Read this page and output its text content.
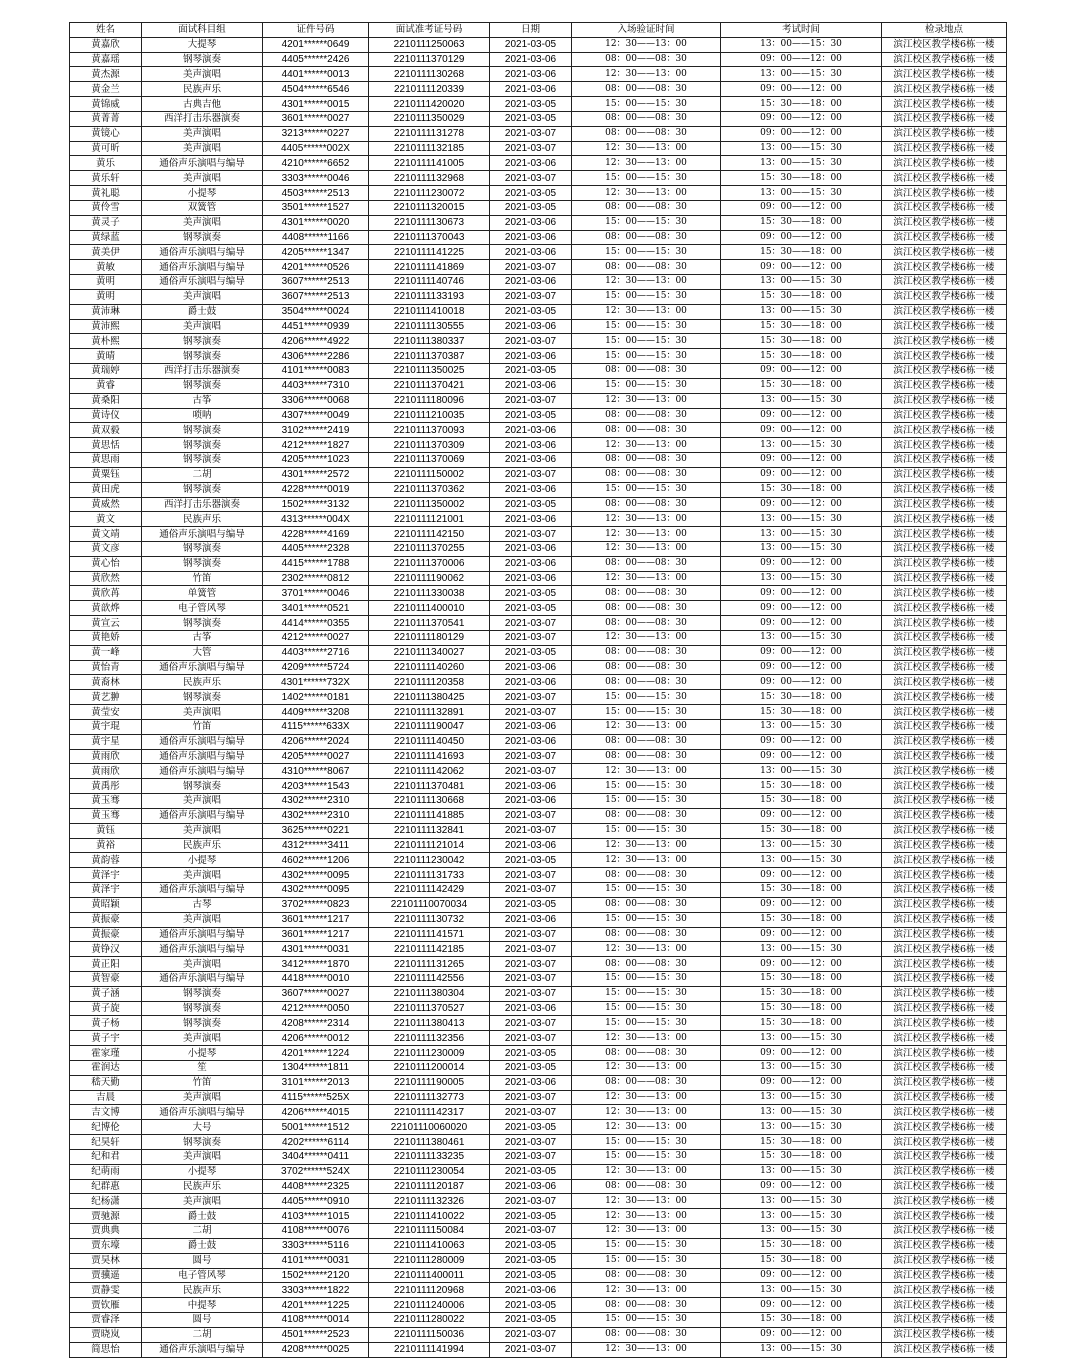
姓名	面试科目组	证件号码	面试准考证号码	日期	入场验证时间	考试时间	检录地点
黄嘉欣	大提琴	4201******0649	2210111250063	2021-03-05	12：30——13：00	13：00——15：30	滨江校区教学楼6栋一楼
黄嘉瑶	钢琴演奏	4405******2426	2210111370129	2021-03-06	08：00——08：30	09：00——12：00	滨江校区教学楼6栋一楼
黄杰源	美声演唱	4401******0013	2210111130268	2021-03-06	12：30——13：00	13：00——15：30	滨江校区教学楼6栋一楼
黄金兰	民族声乐	4504******6546	2210111120339	2021-03-06	08：00——08：30	09：00——12：00	滨江校区教学楼6栋一楼
黄锦威	古典吉他	4301******0015	2210111420020	2021-03-05	15：00——15：30	15：30——18：00	滨江校区教学楼6栋一楼
黄菁菁	西洋打击乐器演奏	3601******0027	2210111350029	2021-03-05	08：00——08：30	09：00——12：00	滨江校区教学楼6栋一楼
黄镜心	美声演唱	3213******0227	2210111131278	2021-03-07	08：00——08：30	09：00——12：00	滨江校区教学楼6栋一楼
黄可昕	美声演唱	4405******002X	2210111132185	2021-03-07	12：30——13：00	13：00——15：30	滨江校区教学楼6栋一楼
黄乐	通俗声乐演唱与编导	4210******6652	2210111141005	2021-03-06	12：30——13：00	13：00——15：30	滨江校区教学楼6栋一楼
黄乐轩	美声演唱	3303******0046	2210111132968	2021-03-07	15：00——15：30	15：30——18：00	滨江校区教学楼6栋一楼
黄礼聪	小提琴	4503******2513	2210111230072	2021-03-05	12：30——13：00	13：00——15：30	滨江校区教学楼6栋一楼
黄伶雪	双簧管	3501******1527	2210111320015	2021-03-05	08：00——08：30	09：00——12：00	滨江校区教学楼6栋一楼
黄灵子	美声演唱	4301******0020	2210111130673	2021-03-06	15：00——15：30	15：30——18：00	滨江校区教学楼6栋一楼
黄绿蓝	钢琴演奏	4408******1166	2210111370043	2021-03-06	08：00——08：30	09：00——12：00	滨江校区教学楼6栋一楼
黄美伊	通俗声乐演唱与编导	4205******1347	2210111141225	2021-03-06	15：00——15：30	15：30——18：00	滨江校区教学楼6栋一楼
黄敏	通俗声乐演唱与编导	4201******0526	2210111141869	2021-03-07	08：00——08：30	09：00——12：00	滨江校区教学楼6栋一楼
黄明	通俗声乐演唱与编导	3607******2513	2210111140746	2021-03-06	12：30——13：00	13：00——15：30	滨江校区教学楼6栋一楼
黄明	美声演唱	3607******2513	2210111133193	2021-03-07	15：00——15：30	15：30——18：00	滨江校区教学楼6栋一楼
黄沛琳	爵士鼓	3504******0024	2210111410018	2021-03-05	12：30——13：00	13：00——15：30	滨江校区教学楼6栋一楼
黄沛熙	美声演唱	4451******0939	2210111130555	2021-03-06	15：00——15：30	15：30——18：00	滨江校区教学楼6栋一楼
黄朴熙	钢琴演奏	4206******4922	2210111380337	2021-03-07	15：00——15：30	15：30——18：00	滨江校区教学楼6栋一楼
黄晴	钢琴演奏	4306******2286	2210111370387	2021-03-06	15：00——15：30	15：30——18：00	滨江校区教学楼6栋一楼
黄瑞婷	西洋打击乐器演奏	4101******0083	2210111350025	2021-03-05	08：00——08：30	09：00——12：00	滨江校区教学楼6栋一楼
黄睿	钢琴演奏	4403******7310	2210111370421	2021-03-06	15：00——15：30	15：30——18：00	滨江校区教学楼6栋一楼
黄桑阳	古筝	3306******0068	2210111180096	2021-03-07	12：30——13：00	13：00——15：30	滨江校区教学楼6栋一楼
黄诗仪	唢呐	4307******0049	2210111210035	2021-03-05	08：00——08：30	09：00——12：00	滨江校区教学楼6栋一楼
黄双毅	钢琴演奏	3102******2419	2210111370093	2021-03-06	08：00——08：30	09：00——12：00	滨江校区教学楼6栋一楼
黄思恬	钢琴演奏	4212******1827	2210111370309	2021-03-06	12：30——13：00	13：00——15：30	滨江校区教学楼6栋一楼
黄思雨	钢琴演奏	4205******1023	2210111370069	2021-03-06	08：00——08：30	09：00——12：00	滨江校区教学楼6栋一楼
黄粟钰	二胡	4301******2572	2210111150002	2021-03-07	08：00——08：30	09：00——12：00	滨江校区教学楼6栋一楼
黄田虎	钢琴演奏	4228******0019	2210111370362	2021-03-06	15：00——15：30	15：30——18：00	滨江校区教学楼6栋一楼
黄威然	西洋打击乐器演奏	1502******3132	2210111350002	2021-03-05	08：00——08：30	09：00——12：00	滨江校区教学楼6栋一楼
黄文	民族声乐	4313******004X	2210111121001	2021-03-06	12：30——13：00	13：00——15：30	滨江校区教学楼6栋一楼
黄文靖	通俗声乐演唱与编导	4228******4169	2210111142150	2021-03-07	12：30——13：00	13：00——15：30	滨江校区教学楼6栋一楼
黄文彦	钢琴演奏	4405******2328	2210111370255	2021-03-06	12：30——13：00	13：00——15：30	滨江校区教学楼6栋一楼
黄心怡	钢琴演奏	4415******1788	2210111370006	2021-03-06	08：00——08：30	09：00——12：00	滨江校区教学楼6栋一楼
黄欣然	竹笛	2302******0812	2210111190062	2021-03-06	12：30——13：00	13：00——15：30	滨江校区教学楼6栋一楼
黄欣苒	单簧管	3701******0046	2210111330038	2021-03-05	08：00——08：30	09：00——12：00	滨江校区教学楼6栋一楼
黄歆烨	电子管风琴	3401******0521	2210111400010	2021-03-05	08：00——08：30	09：00——12：00	滨江校区教学楼6栋一楼
黄宣云	钢琴演奏	4414******0355	2210111370541	2021-03-07	08：00——08：30	09：00——12：00	滨江校区教学楼6栋一楼
黄艳娇	古筝	4212******0027	2210111180129	2021-03-07	12：30——13：00	13：00——15：30	滨江校区教学楼6栋一楼
黄一峰	大管	4403******2716	2210111340027	2021-03-05	08：00——08：30	09：00——12：00	滨江校区教学楼6栋一楼
黄怡青	通俗声乐演唱与编导	4209******5724	2210111140260	2021-03-06	08：00——08：30	09：00——12：00	滨江校区教学楼6栋一楼
黄裔林	民族声乐	4301******732X	2210111120358	2021-03-06	08：00——08：30	09：00——12：00	滨江校区教学楼6栋一楼
黄艺翀	钢琴演奏	1402******0181	2210111380425	2021-03-07	15：00——15：30	15：30——18：00	滨江校区教学楼6栋一楼
黄莹安	美声演唱	4409******3208	2210111132891	2021-03-07	15：00——15：30	15：30——18：00	滨江校区教学楼6栋一楼
黄宇琨	竹笛	4115******633X	2210111190047	2021-03-06	12：30——13：00	13：00——15：30	滨江校区教学楼6栋一楼
黄宇星	通俗声乐演唱与编导	4206******2024	2210111140450	2021-03-06	08：00——08：30	09：00——12：00	滨江校区教学楼6栋一楼
黄雨欣	通俗声乐演唱与编导	4205******0027	2210111141693	2021-03-07	08：00——08：30	09：00——12：00	滨江校区教学楼6栋一楼
黄雨欣	通俗声乐演唱与编导	4310******8067	2210111142062	2021-03-07	12：30——13：00	13：00——15：30	滨江校区教学楼6栋一楼
黄禹彤	钢琴演奏	4203******1543	2210111370481	2021-03-06	15：00——15：30	15：30——18：00	滨江校区教学楼6栋一楼
黄玉骞	美声演唱	4302******2310	2210111130668	2021-03-06	15：00——15：30	15：30——18：00	滨江校区教学楼6栋一楼
黄玉骞	通俗声乐演唱与编导	4302******2310	2210111141885	2021-03-07	08：00——08：30	09：00——12：00	滨江校区教学楼6栋一楼
黄钰	美声演唱	3625******0221	2210111132841	2021-03-07	15：00——15：30	15：30——18：00	滨江校区教学楼6栋一楼
黄裕	民族声乐	4312******3411	2210111121014	2021-03-06	12：30——13：00	13：00——15：30	滨江校区教学楼6栋一楼
黄韵蓉	小提琴	4602******1206	2210111230042	2021-03-05	12：30——13：00	13：00——15：30	滨江校区教学楼6栋一楼
黄泽宇	美声演唱	4302******0095	2210111131733	2021-03-07	08：00——08：30	09：00——12：00	滨江校区教学楼6栋一楼
黄泽宇	通俗声乐演唱与编导	4302******0095	2210111142429	2021-03-07	15：00——15：30	15：30——18：00	滨江校区教学楼6栋一楼
黄昭颖	古琴	3702******0823	22101110070034	2021-03-05	08：00——08：30	09：00——12：00	滨江校区教学楼6栋一楼
黄振豪	美声演唱	3601******1217	2210111130732	2021-03-06	15：00——15：30	15：30——18：00	滨江校区教学楼6栋一楼
黄振豪	通俗声乐演唱与编导	3601******1217	2210111141571	2021-03-07	08：00——08：30	09：00——12：00	滨江校区教学楼6栋一楼
黄铮汉	通俗声乐演唱与编导	4301******0031	2210111142185	2021-03-07	12：30——13：00	13：00——15：30	滨江校区教学楼6栋一楼
黄正阳	美声演唱	3412******1870	2210111131265	2021-03-07	08：00——08：30	09：00——12：00	滨江校区教学楼6栋一楼
黄智豪	通俗声乐演唱与编导	4418******0010	2210111142556	2021-03-07	15：00——15：30	15：30——18：00	滨江校区教学楼6栋一楼
黄子涵	钢琴演奏	3607******0027	2210111380304	2021-03-07	15：00——15：30	15：30——18：00	滨江校区教学楼6栋一楼
黄子旋	钢琴演奏	4212******0050	2210111370527	2021-03-06	15：00——15：30	15：30——18：00	滨江校区教学楼6栋一楼
黄子杨	钢琴演奏	4208******2314	2210111380413	2021-03-07	15：00——15：30	15：30——18：00	滨江校区教学楼6栋一楼
黄子宇	美声演唱	4206******0012	2210111132356	2021-03-07	12：30——13：00	13：00——15：30	滨江校区教学楼6栋一楼
霍家瑾	小提琴	4201******1224	2210111230009	2021-03-05	08：00——08：30	09：00——12：00	滨江校区教学楼6栋一楼
霍润达	笙	1304******1811	2210111200014	2021-03-05	12：30——13：00	13：00——15：30	滨江校区教学楼6栋一楼
嵇天勤	竹笛	3101******2013	2210111190005	2021-03-06	08：00——08：30	09：00——12：00	滨江校区教学楼6栋一楼
吉晨	美声演唱	4115******525X	2210111132773	2021-03-07	12：30——13：00	13：00——15：30	滨江校区教学楼6栋一楼
吉文博	通俗声乐演唱与编导	4206******4015	2210111142317	2021-03-07	12：30——13：00	13：00——15：30	滨江校区教学楼6栋一楼
纪博伦	大号	5001******1512	22101110060020	2021-03-05	12：30——13：00	13：00——15：30	滨江校区教学楼6栋一楼
纪昊轩	钢琴演奏	4202******6114	2210111380461	2021-03-07	15：00——15：30	15：30——18：00	滨江校区教学楼6栋一楼
纪和君	美声演唱	3404******0411	2210111133235	2021-03-07	15：00——15：30	15：30——18：00	滨江校区教学楼6栋一楼
纪萌雨	小提琴	3702******524X	2210111230054	2021-03-05	12：30——13：00	13：00——15：30	滨江校区教学楼6栋一楼
纪群惠	民族声乐	4408******2325	2210111120187	2021-03-06	08：00——08：30	09：00——12：00	滨江校区教学楼6栋一楼
纪杨潇	美声演唱	4405******0910	2210111132326	2021-03-07	12：30——13：00	13：00——15：30	滨江校区教学楼6栋一楼
贾驰源	爵士鼓	4103******1015	2210111410022	2021-03-05	12：30——13：00	13：00——15：30	滨江校区教学楼6栋一楼
贾典典	二胡	4108******0076	2210111150084	2021-03-07	12：30——13：00	13：00——15：30	滨江校区教学楼6栋一楼
贾东壕	爵士鼓	3303******5116	2210111410063	2021-03-05	15：00——15：30	15：30——18：00	滨江校区教学楼6栋一楼
贾昊林	圆号	4101******0031	2210111280009	2021-03-05	15：00——15：30	15：30——18：00	滨江校区教学楼6栋一楼
贾骥遥	电子管风琴	1502******2120	2210111400011	2021-03-05	08：00——08：30	09：00——12：00	滨江校区教学楼6栋一楼
贾静雯	民族声乐	3303******1822	2210111120968	2021-03-06	12：30——13：00	13：00——15：30	滨江校区教学楼6栋一楼
贾钦雁	中提琴	4201******1225	2210111240006	2021-03-05	08：00——08：30	09：00——12：00	滨江校区教学楼6栋一楼
贾睿泽	圆号	4108******0014	2210111280022	2021-03-05	15：00——15：30	15：30——18：00	滨江校区教学楼6栋一楼
贾晓岚	二胡	4501******2523	2210111150036	2021-03-07	08：00——08：30	09：00——12：00	滨江校区教学楼6栋一楼
简思怡	通俗声乐演唱与编导	4208******0025	2210111141994	2021-03-07	12：30——13：00	13：00——15：30	滨江校区教学楼6栋一楼
